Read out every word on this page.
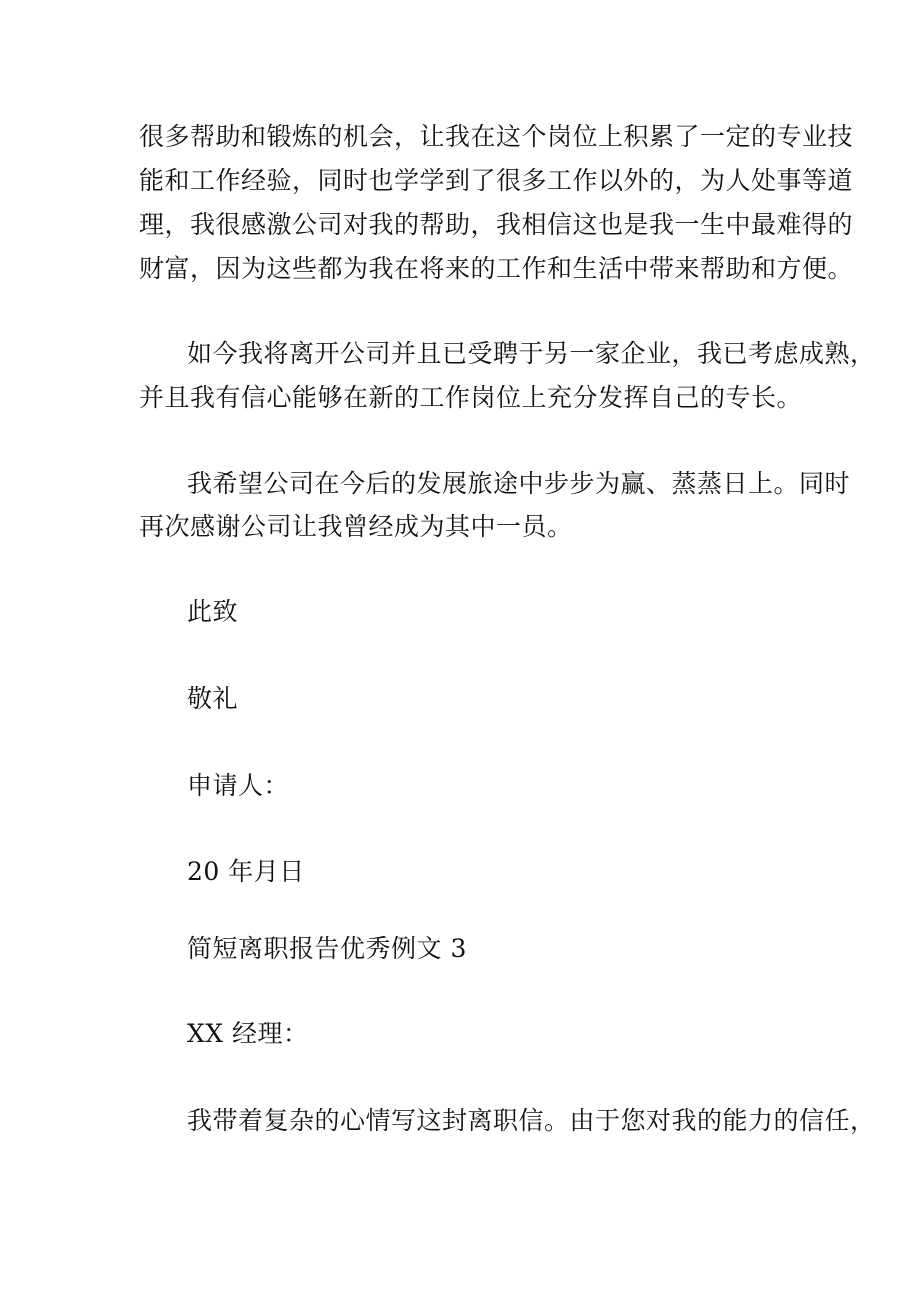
很多帮助和锻炼的机会，让我在这个岗位上积累了一定的专业技
能和工作经验，同时也学学到了很多工作以外的，为人处事等道
理，我很感激公司对我的帮助，我相信这也是我一生中最难得的
财富，因为这些都为我在将来的工作和生活中带来帮助和方便。
如今我将离开公司并且已受聘于另一家企业，我已考虑成熟，
并且我有信心能够在新的工作岗位上充分发挥自己的专长。
我希望公司在今后的发展旅途中步步为赢、蒸蒸日上。同时
再次感谢公司让我曾经成为其中一员。
此致
敬礼
申请人：
20 年月日
简短离职报告优秀例文 3
XX 经理：
我带着复杂的心情写这封离职信。由于您对我的能力的信任，
